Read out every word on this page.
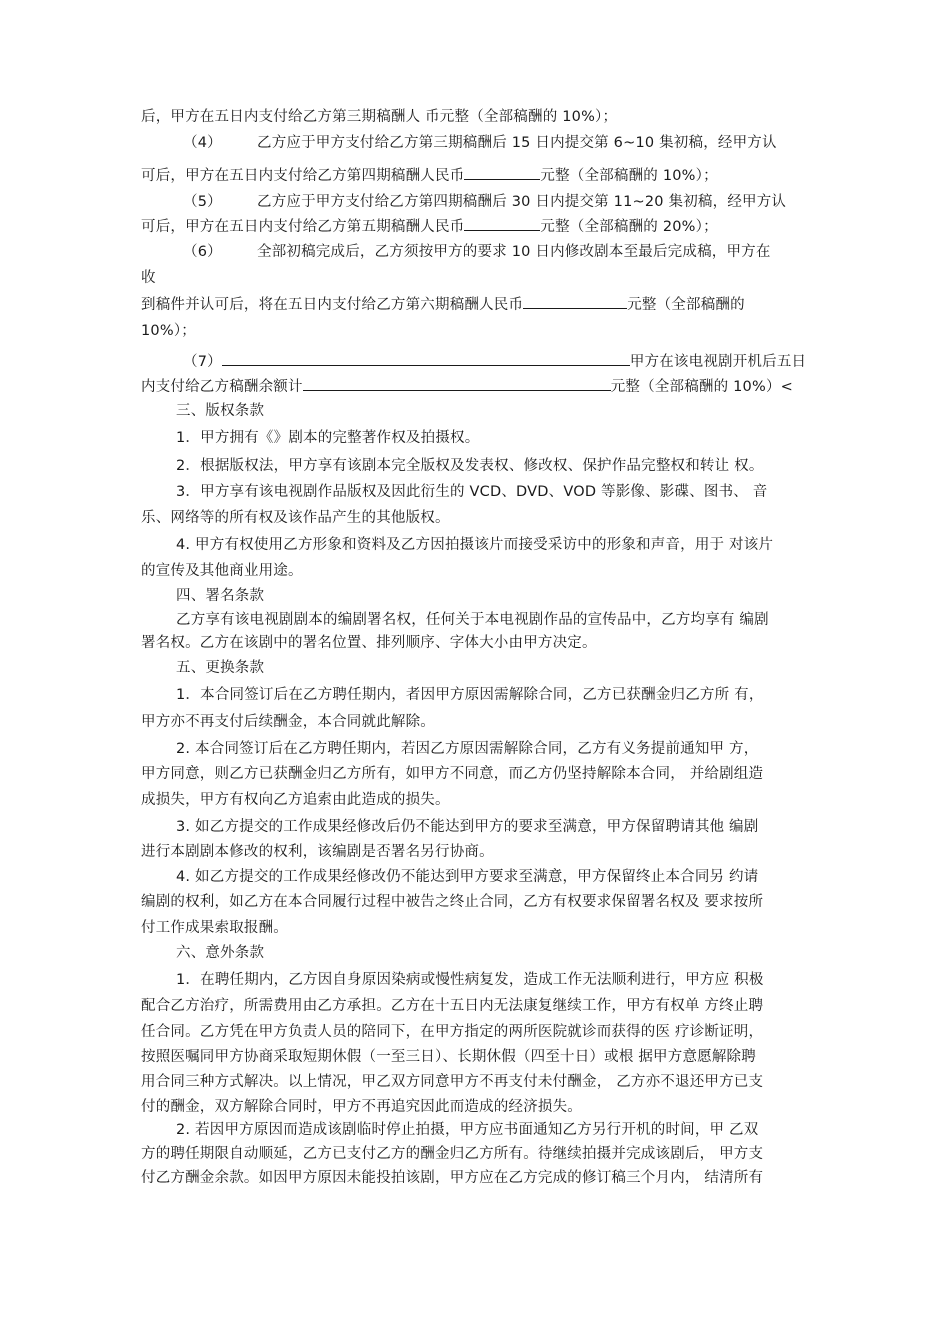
后，甲方在五日内支付给乙方第三期稿酬人 币元整（全部稿酬的 10%）；
（4） 乙方应于甲方支付给乙方第三期稿酬后 15 日内提交第 6~10 集初稿，经甲方认
可后，甲方在五日内支付给乙方第四期稿酬人民币	元整（全部稿酬的 10%）；
（5） 乙方应于甲方支付给乙方第四期稿酬后 30 日内提交第 11~20 集初稿，经甲方认
可后，甲方在五日内支付给乙方第五期稿酬人民币	元整（全部稿酬的 20%）；
（6） 全部初稿完成后，乙方须按甲方的要求 10 日内修改剧本至最后完成稿，甲方在
收
到稿件并认可后，将在五日内支付给乙方第六期稿酬人民币	元整（全部稿酬的
10%）；
（7）	甲方在该电视剧开机后五日
内支付给乙方稿酬余额计	元整（全部稿酬的 10%）<
三、版权条款
1．甲方拥有《》剧本的完整著作权及拍摄权。
2．根据版权法，甲方享有该剧本完全版权及发表权、修改权、保护作品完整权和转让 权。
3．甲方享有该电视剧作品版权及因此衍生的 VCD、DVD、VOD 等影像、影碟、图书、 音
乐、网络等的所有权及该作品产生的其他版权。
4. 甲方有权使用乙方形象和资料及乙方因拍摄该片而接受采访中的形象和声音，用于 对该片
的宣传及其他商业用途。
四、署名条款
乙方享有该电视剧剧本的编剧署名权，任何关于本电视剧作品的宣传品中，乙方均享有 编剧
署名权。乙方在该剧中的署名位置、排列顺序、字体大小由甲方决定。
五、更换条款
1．本合同签订后在乙方聘任期内，者因甲方原因需解除合同，乙方已获酬金归乙方所 有，
甲方亦不再支付后续酬金，本合同就此解除。
2. 本合同签订后在乙方聘任期内，若因乙方原因需解除合同，乙方有义务提前通知甲 方，
甲方同意，则乙方已获酬金归乙方所有，如甲方不同意，而乙方仍坚持解除本合同， 并给剧组造
成损失，甲方有权向乙方追索由此造成的损失。
3. 如乙方提交的工作成果经修改后仍不能达到甲方的要求至满意，甲方保留聘请其他 编剧
进行本剧剧本修改的权利，该编剧是否署名另行协商。
4. 如乙方提交的工作成果经修改仍不能达到甲方要求至满意，甲方保留终止本合同另 约请
编剧的权利，如乙方在本合同履行过程中被告之终止合同，乙方有权要求保留署名权及 要求按所
付工作成果索取报酬。
六、意外条款
1．在聘任期内，乙方因自身原因染病或慢性病复发，造成工作无法顺利进行，甲方应 积极
配合乙方治疗，所需费用由乙方承担。乙方在十五日内无法康复继续工作，甲方有权单 方终止聘
任合同。乙方凭在甲方负责人员的陪同下，在甲方指定的两所医院就诊而获得的医 疗诊断证明，
按照医嘱同甲方协商采取短期休假（一至三日）、长期休假（四至十日）或根 据甲方意愿解除聘
用合同三种方式解决。以上情况，甲乙双方同意甲方不再支付未付酬金， 乙方亦不退还甲方已支
付的酬金，双方解除合同时，甲方不再追究因此而造成的经济损失。
2. 若因甲方原因而造成该剧临时停止拍摄，甲方应书面通知乙方另行开机的时间，甲 乙双
方的聘任期限自动顺延，乙方已支付乙方的酬金归乙方所有。待继续拍摄并完成该剧后， 甲方支
付乙方酬金余款。如因甲方原因未能投拍该剧，甲方应在乙方完成的修订稿三个月内， 结清所有
